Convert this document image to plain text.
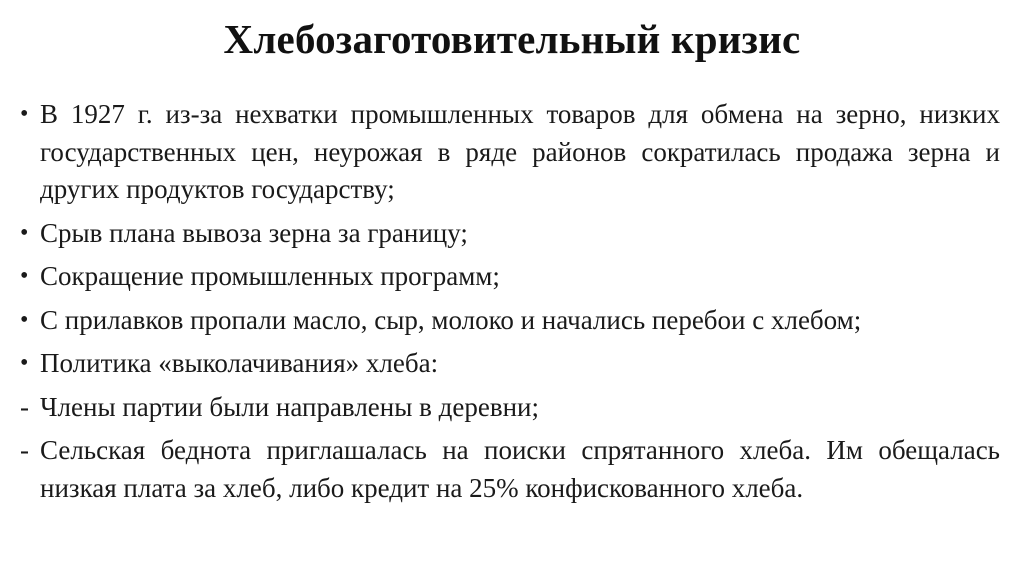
Хлебозаготовительный кризис
• В 1927 г. из-за нехватки промышленных товаров для обмена на зерно, низких государственных цен, неурожая в ряде районов сократилась продажа зерна и других продуктов государству;
• Срыв плана вывоза зерна за границу;
• Сокращение промышленных программ;
• С прилавков пропали масло, сыр, молоко и начались перебои с хлебом;
• Политика «выколачивания» хлеба:
- Члены партии были направлены в деревни;
- Сельская беднота приглашалась на поиски спрятанного хлеба. Им обещалась низкая плата за хлеб, либо кредит на 25% конфискованного хлеба.
